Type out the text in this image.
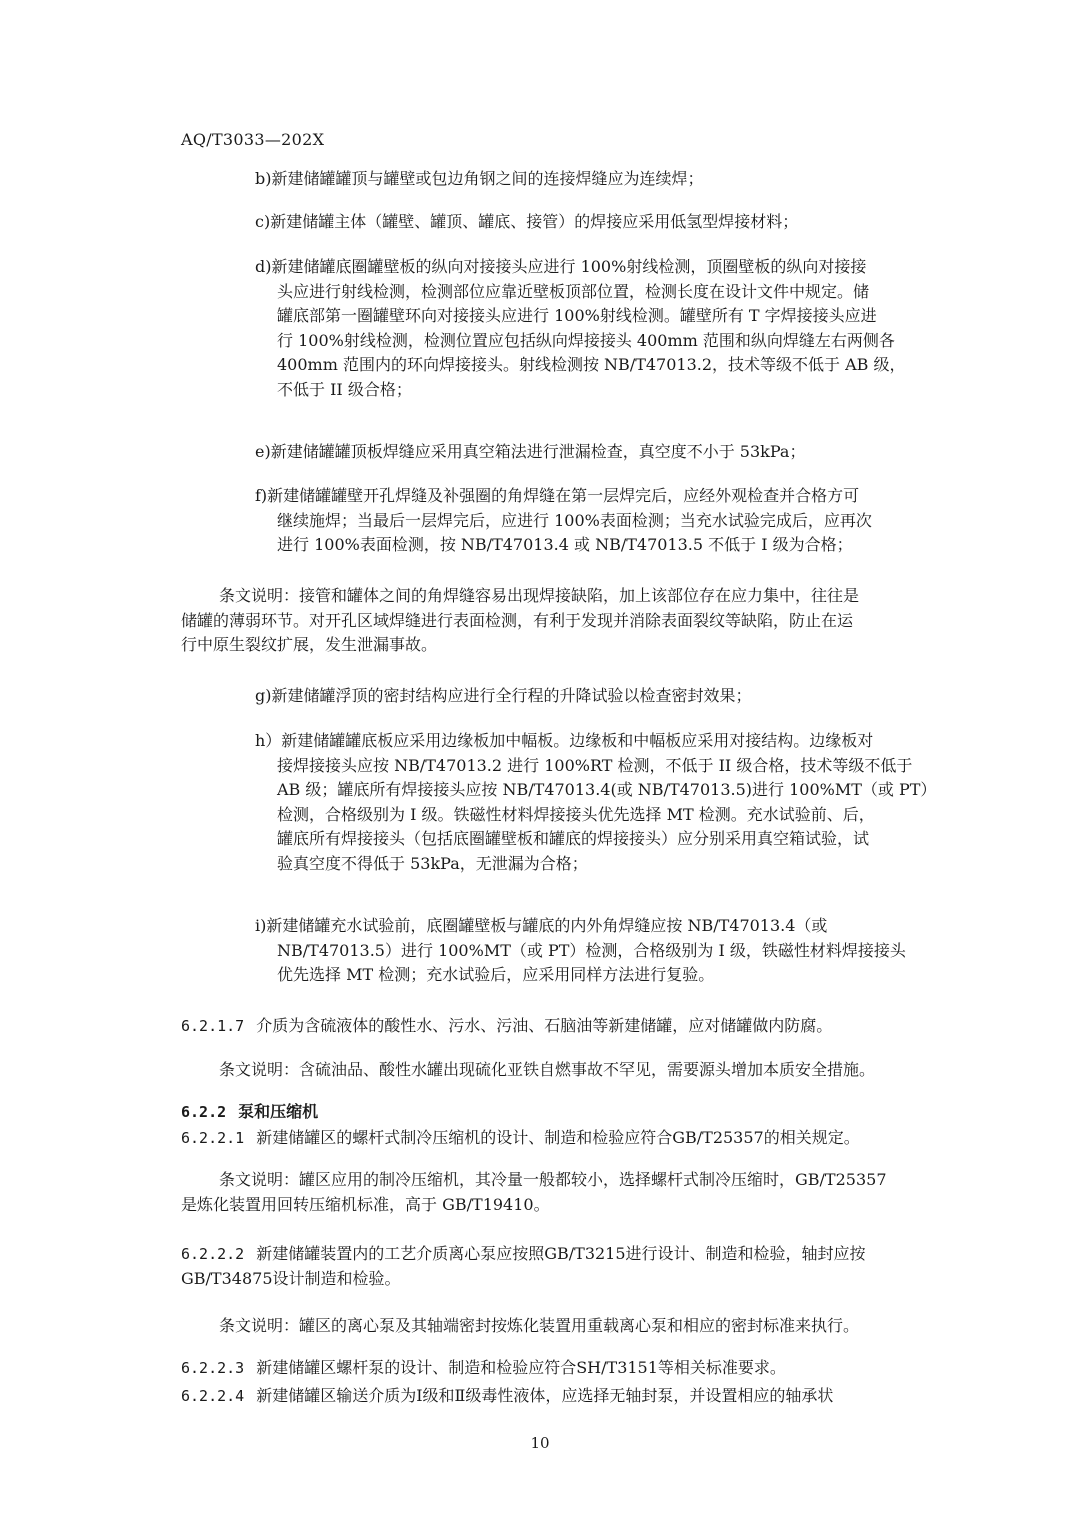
AQ/T3033—202X
b)新建储罐罐顶与罐壁或包边角钢之间的连接焊缝应为连续焊；
c)新建储罐主体（罐壁、罐顶、罐底、接管）的焊接应采用低氢型焊接材料；
d)新建储罐底圈罐壁板的纵向对接接头应进行 100%射线检测，顶圈壁板的纵向对接接
头应进行射线检测，检测部位应靠近壁板顶部位置，检测长度在设计文件中规定。储
罐底部第一圈罐壁环向对接接头应进行 100%射线检测。罐壁所有 T 字焊接接头应进
行 100%射线检测，检测位置应包括纵向焊接接头 400mm 范围和纵向焊缝左右两侧各
400mm 范围内的环向焊接接头。射线检测按 NB/T47013.2，技术等级不低于 AB 级，
不低于 II 级合格；
e)新建储罐罐顶板焊缝应采用真空箱法进行泄漏检查，真空度不小于 53kPa；
f)新建储罐罐壁开孔焊缝及补强圈的角焊缝在第一层焊完后，应经外观检查并合格方可
继续施焊；当最后一层焊完后，应进行 100%表面检测；当充水试验完成后，应再次
进行 100%表面检测，按 NB/T47013.4 或 NB/T47013.5 不低于 I 级为合格；
条文说明：接管和罐体之间的角焊缝容易出现焊接缺陷，加上该部位存在应力集中，往往是
储罐的薄弱环节。对开孔区域焊缝进行表面检测，有利于发现并消除表面裂纹等缺陷，防止在运
行中原生裂纹扩展，发生泄漏事故。
g)新建储罐浮顶的密封结构应进行全行程的升降试验以检查密封效果；
h）新建储罐罐底板应采用边缘板加中幅板。边缘板和中幅板应采用对接结构。边缘板对
接焊接接头应按 NB/T47013.2 进行 100%RT 检测，不低于 II 级合格，技术等级不低于
AB 级；罐底所有焊接接头应按 NB/T47013.4(或 NB/T47013.5)进行 100%MT（或 PT）
检测，合格级别为 I 级。铁磁性材料焊接接头优先选择 MT 检测。充水试验前、后，
罐底所有焊接接头（包括底圈罐壁板和罐底的焊接接头）应分别采用真空箱试验，试
验真空度不得低于 53kPa，无泄漏为合格；
i)新建储罐充水试验前，底圈罐壁板与罐底的内外角焊缝应按 NB/T47013.4（或
NB/T47013.5）进行 100%MT（或 PT）检测，合格级别为 I 级，铁磁性材料焊接接头
优先选择 MT 检测；充水试验后，应采用同样方法进行复验。
6.2.1.7 介质为含硫液体的酸性水、污水、污油、石脑油等新建储罐，应对储罐做内防腐。
条文说明：含硫油品、酸性水罐出现硫化亚铁自燃事故不罕见，需要源头增加本质安全措施。
6.2.2 泵和压缩机
6.2.2.1 新建储罐区的螺杆式制冷压缩机的设计、制造和检验应符合GB/T25357的相关规定。
条文说明：罐区应用的制冷压缩机，其冷量一般都较小，选择螺杆式制冷压缩时，GB/T25357
是炼化装置用回转压缩机标准，高于 GB/T19410。
6.2.2.2 新建储罐装置内的工艺介质离心泵应按照GB/T3215进行设计、制造和检验，轴封应按
GB/T34875设计制造和检验。
条文说明：罐区的离心泵及其轴端密封按炼化装置用重载离心泵和相应的密封标准来执行。
6.2.2.3 新建储罐区螺杆泵的设计、制造和检验应符合SH/T3151等相关标准要求。
6.2.2.4 新建储罐区输送介质为Ⅰ级和Ⅱ级毒性液体，应选择无轴封泵，并设置相应的轴承状
10
